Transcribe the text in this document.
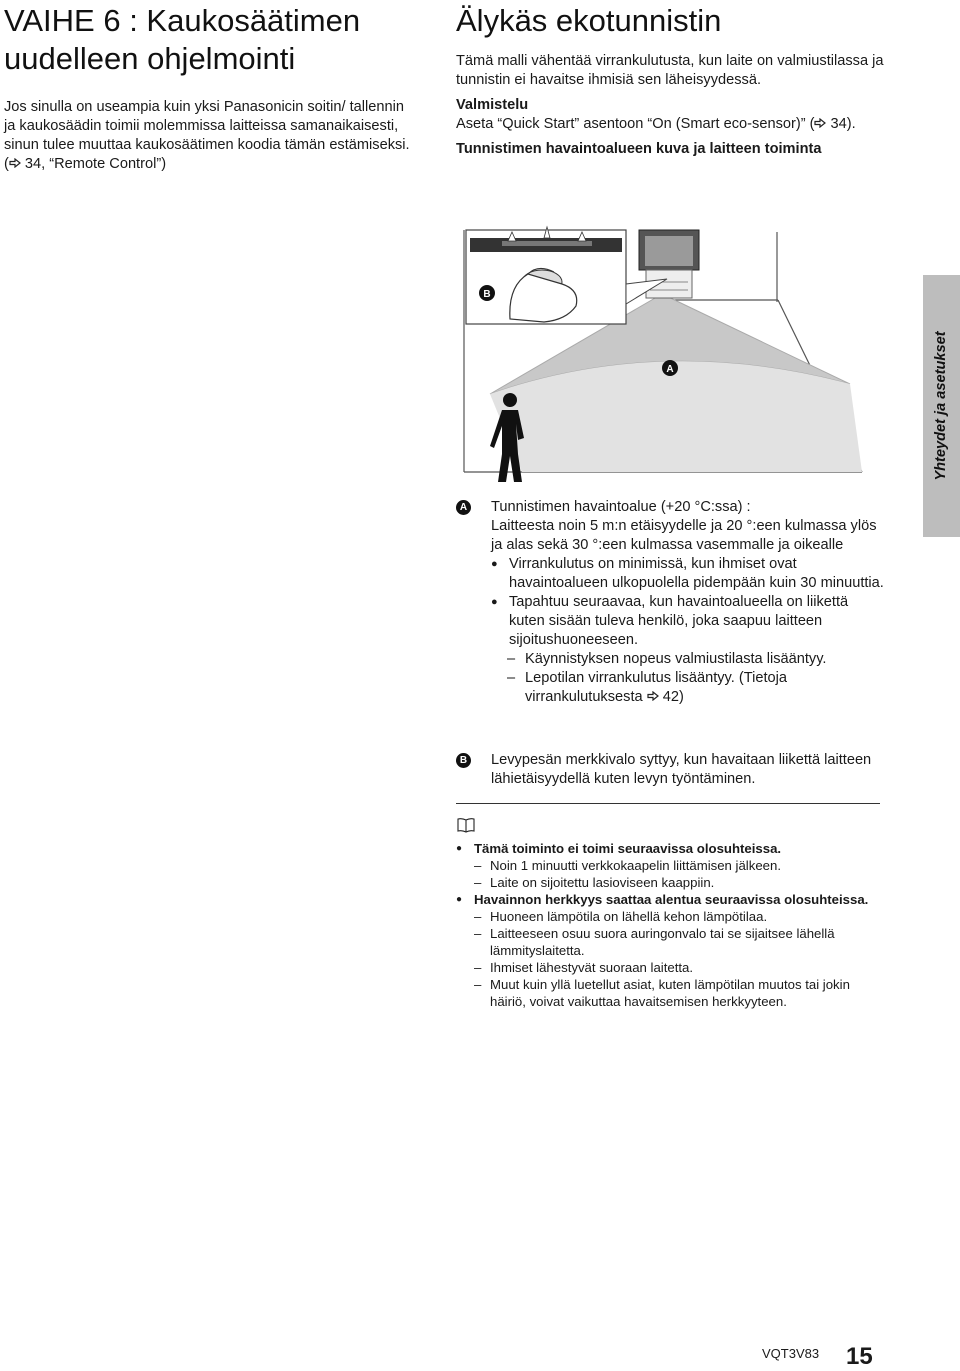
VAIHE 6 : Kaukosäätimen uudelleen ohjelmointi

Jos sinulla on useampia kuin yksi Panasonicin soitin/ tallennin ja kaukosäädin toimii molemmissa laitteissa samanaikaisesti, sinun tulee muuttaa kaukosäätimen koodia tämän estämiseksi. ( 34, “Remote Control”)

Älykäs ekotunnistin

Tämä malli vähentää virrankulutusta, kun laite on valmiustilassa ja tunnistin ei havaitse ihmisiä sen läheisyydessä.

Valmistelu

Aseta “Quick Start” asentoon “On (Smart eco-sensor)” ( 34).

Tunnistimen havaintoalueen kuva ja laitteen toiminta

B
A
A Tunnistimen havaintoalue (+20 °C:ssa) :

Laitteesta noin 5 m:n etäisyydelle ja 20 °:een kulmassa ylös ja alas sekä 30 °:een kulmassa vasemmalle ja oikealle

● Virrankulutus on minimissä, kun ihmiset ovat havaintoalueen ulkopuolella pidempään kuin 30 minuuttia.

● Tapahtuu seuraavaa, kun havaintoalueella on liikettä kuten sisään tuleva henkilö, joka saapuu laitteen sijoitushuoneeseen.

– Käynnistyksen nopeus valmiustilasta lisääntyy.

– Lepotilan virrankulutus lisääntyy. (Tietoja virrankulutuksesta  42)

B Levypesän merkkivalo syttyy, kun havaitaan liikettä laitteen lähietäisyydellä kuten levyn työntäminen.

● Tämä toiminto ei toimi seuraavissa olosuhteissa.

– Noin 1 minuutti verkkokaapelin liittämisen jälkeen.

– Laite on sijoitettu lasioviseen kaappiin.

● Havainnon herkkyys saattaa alentua seuraavissa olosuhteissa.

– Huoneen lämpötila on lähellä kehon lämpötilaa.

– Laitteeseen osuu suora auringonvalo tai se sijaitsee lähellä lämmityslaitetta.

– Ihmiset lähestyvät suoraan laitetta.

– Muut kuin yllä luetellut asiat, kuten lämpötilan muutos tai jokin häiriö, voivat vaikuttaa havaitsemisen herkkyyteen.

Yhteydet ja asetukset
VQT3V83 15
